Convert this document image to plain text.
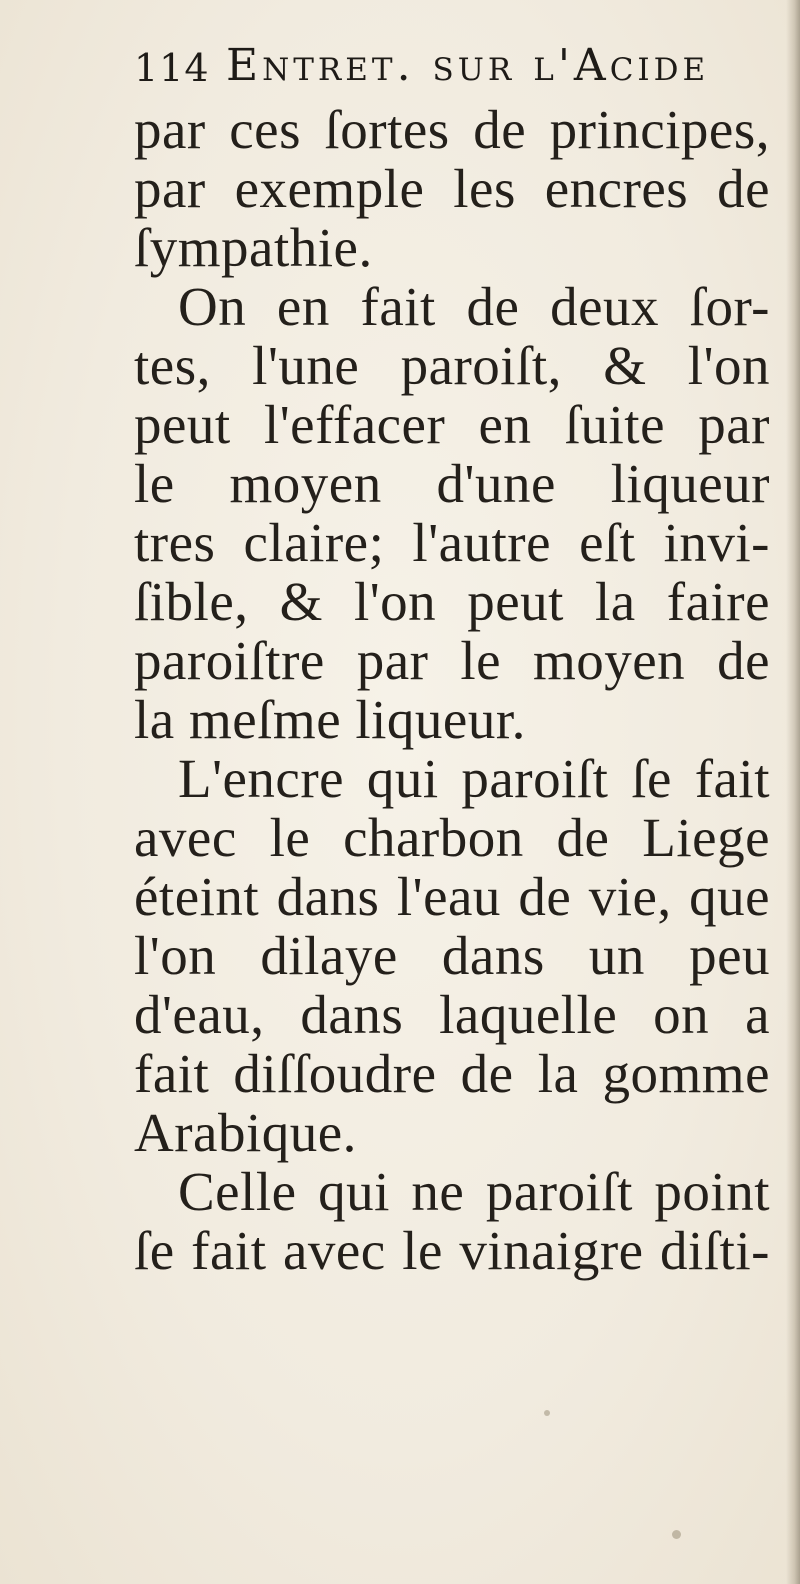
114 Entret. sur l'Acide
par ces ſortes de principes,
par exemple les encres de
ſympathie.
On en fait de deux ſor-
tes, l'une paroiſt, & l'on
peut l'effacer en ſuite par
le moyen d'une liqueur
tres claire; l'autre eſt invi-
ſible, & l'on peut la faire
paroiſtre par le moyen de
la meſme liqueur.
L'encre qui paroiſt ſe fait
avec le charbon de Liege
éteint dans l'eau de vie, que
l'on dilaye dans un peu
d'eau, dans laquelle on a
fait diſſoudre de la gomme
Arabique.
Celle qui ne paroiſt point
ſe fait avec le vinaigre diſti-
